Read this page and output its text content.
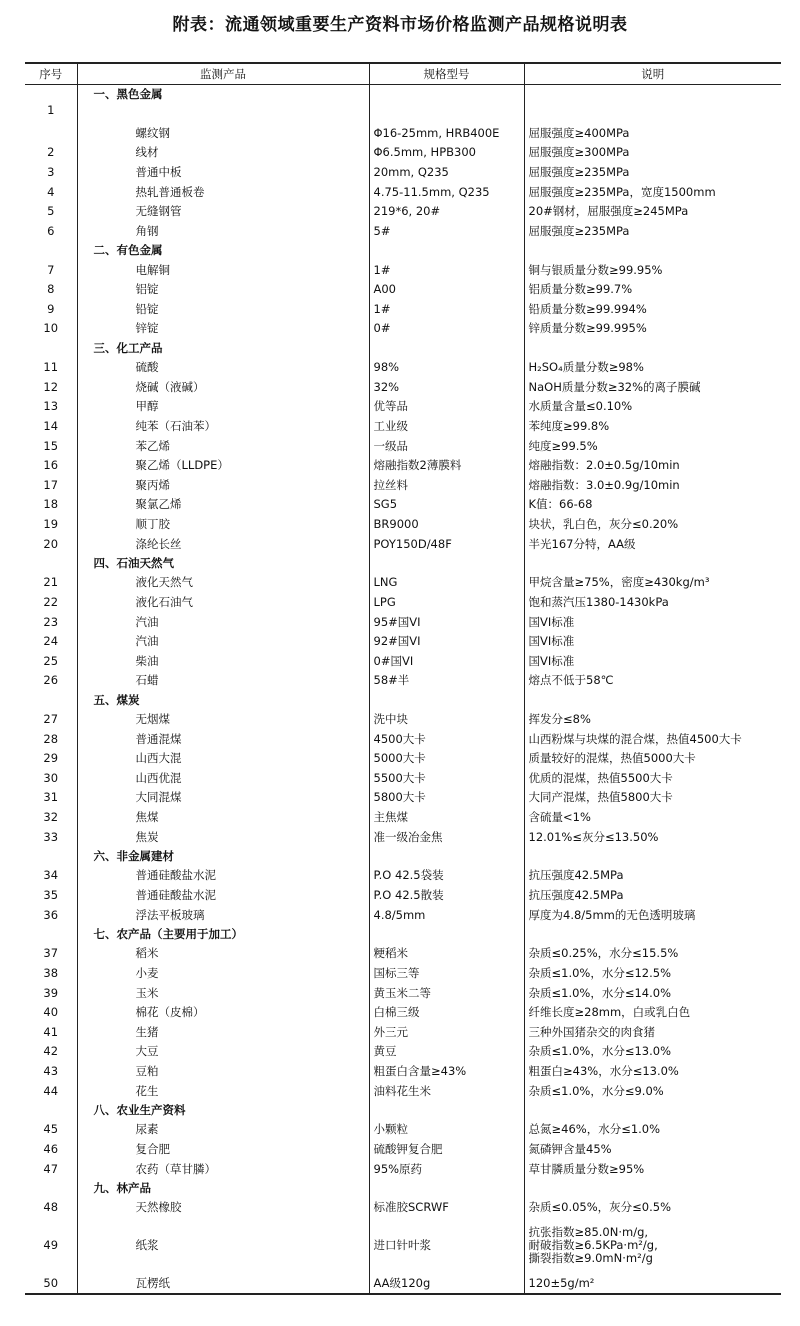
附表：流通领域重要生产资料市场价格监测产品规格说明表
序号	监测产品	规格型号	说明
	一、黑色金属		
1	螺纹钢	Φ16-25mm, HRB400E	屈服强度≥400MPa

2	线材	Φ6.5mm, HPB300	屈服强度≥300MPa

3	普通中板	20mm, Q235	屈服强度≥235MPa

4	热轧普通板卷	4.75-11.5mm, Q235	屈服强度≥235MPa，宽度1500mm

5	无缝钢管	219*6, 20#	20#钢材，屈服强度≥245MPa

6	角钢	5#	屈服强度≥235MPa

	二、有色金属		
7	电解铜	1#	铜与银质量分数≥99.95%

8	铝锭	A00	铝质量分数≥99.7%

9	铅锭	1#	铅质量分数≥99.994%

10	锌锭	0#	锌质量分数≥99.995%

	三、化工产品		
11	硫酸	98%	H₂SO₄质量分数≥98%

12	烧碱（液碱）	32%	NaOH质量分数≥32%的离子膜碱

13	甲醇	优等品	水质量含量≤0.10%

14	纯苯（石油苯）	工业级	苯纯度≥99.8%

15	苯乙烯	一级品	纯度≥99.5%

16	聚乙烯（LLDPE）	熔融指数2薄膜料	熔融指数：2.0±0.5g/10min

17	聚丙烯	拉丝料	熔融指数：3.0±0.9g/10min

18	聚氯乙烯	SG5	K值：66-68

19	顺丁胶	BR9000	块状，乳白色，灰分≤0.20%

20	涤纶长丝	POY150D/48F	半光167分特，AA级

	四、石油天然气		
21	液化天然气	LNG	甲烷含量≥75%，密度≥430kg/m³

22	液化石油气	LPG	饱和蒸汽压1380-1430kPa

23	汽油	95#国VI	国VI标准

24	汽油	92#国VI	国VI标准

25	柴油	0#国VI	国VI标准

26	石蜡	58#半	熔点不低于58℃

	五、煤炭		
27	无烟煤	洗中块	挥发分≤8%

28	普通混煤	4500大卡	山西粉煤与块煤的混合煤，热值4500大卡

29	山西大混	5000大卡	质量较好的混煤，热值5000大卡

30	山西优混	5500大卡	优质的混煤，热值5500大卡

31	大同混煤	5800大卡	大同产混煤，热值5800大卡

32	焦煤	主焦煤	含硫量<1%

33	焦炭	准一级冶金焦	12.01%≤灰分≤13.50%

	六、非金属建材		
34	普通硅酸盐水泥	P.O 42.5袋装	抗压强度42.5MPa

35	普通硅酸盐水泥	P.O 42.5散装	抗压强度42.5MPa

36	浮法平板玻璃	4.8/5mm	厚度为4.8/5mm的无色透明玻璃

	七、农产品（主要用于加工）		
37	稻米	粳稻米	杂质≤0.25%，水分≤15.5%

38	小麦	国标三等	杂质≤1.0%，水分≤12.5%

39	玉米	黄玉米二等	杂质≤1.0%，水分≤14.0%

40	棉花（皮棉）	白棉三级	纤维长度≥28mm，白或乳白色

41	生猪	外三元	三种外国猪杂交的肉食猪

42	大豆	黄豆	杂质≤1.0%，水分≤13.0%

43	豆粕	粗蛋白含量≥43%	粗蛋白≥43%，水分≤13.0%

44	花生	油料花生米	杂质≤1.0%，水分≤9.0%

	八、农业生产资料		
45	尿素	小颗粒	总氮≥46%，水分≤1.0%

46	复合肥	硫酸钾复合肥	氮磷钾含量45%

47	农药（草甘膦）	95%原药	草甘膦质量分数≥95%

	九、林产品		
48	天然橡胶	标准胶SCRWF	杂质≤0.05%，灰分≤0.5%

49	纸浆	进口针叶浆	抗张指数≥85.0N·m/g,
耐破指数≥6.5KPa·m²/g,
撕裂指数≥9.0mN·m²/g

50	瓦楞纸	AA级120g	120±5g/m²
